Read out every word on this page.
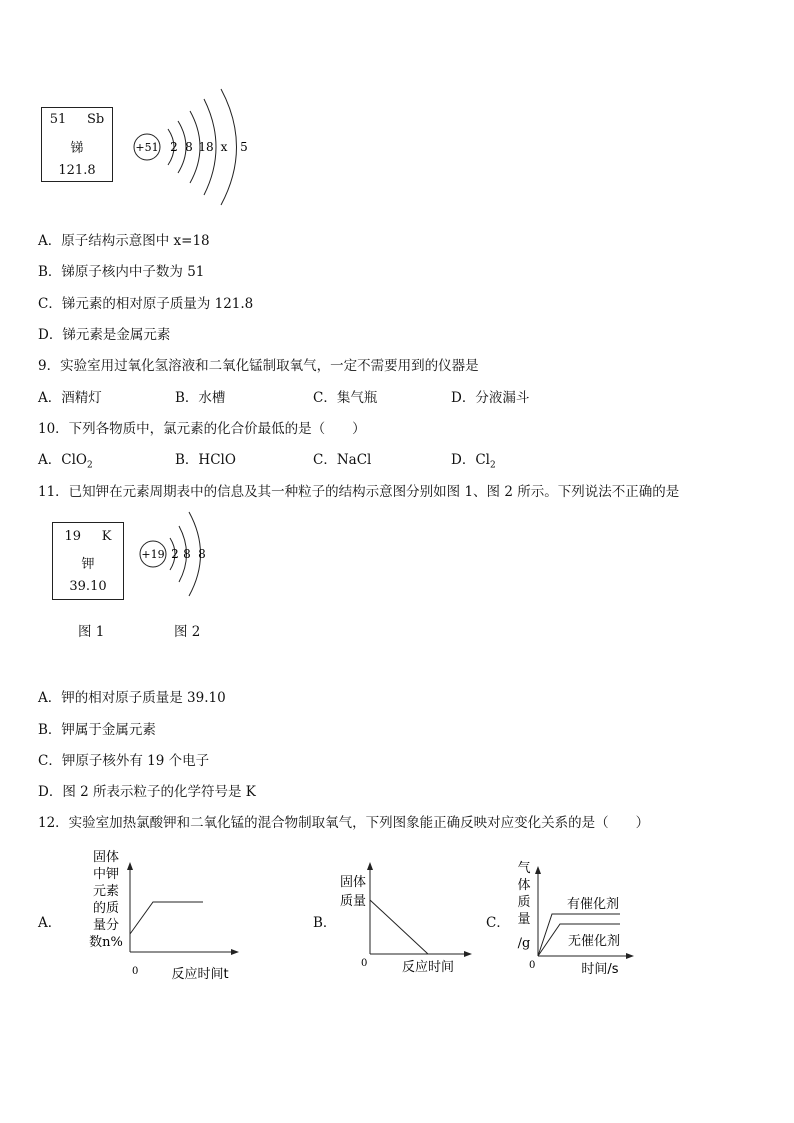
51 Sb
锑
121.8
+51 2 8 18 x 5
A．原子结构示意图中 x=18
B．锑原子核内中子数为 51
C．锑元素的相对原子质量为 121.8
D．锑元素是金属元素
9．实验室用过氧化氢溶液和二氧化锰制取氧气，一定不需要用到的仪器是
A．酒精灯	B．水槽	C．集气瓶	D．分液漏斗
10．下列各物质中，氯元素的化合价最低的是（　　）
A．ClO$_2$	B．HClO	C．NaCl	D．$Cl_2$
11．已知钾在元素周期表中的信息及其一种粒子的结构示意图分别如图 1、图 2 所示。下列说法不正确的是
19 K
钾
39.10
+19 2 8 8
图 1	图 2
A．钾的相对原子质量是 39.10
B．钾属于金属元素
C．钾原子核外有 19 个电子
D．图 2 所表示粒子的化学符号是 K
12．实验室加热氯酸钾和二氧化锰的混合物制取氧气，下列图象能正确反映对应变化关系的是（　　）
A．
固体
中钾
元素
的质
量分
数n%
0	反应时间t
B．
固体
质量
0	反应时间
C．
气
体
质
量
/g
有催化剂
无催化剂
0	时间/s
